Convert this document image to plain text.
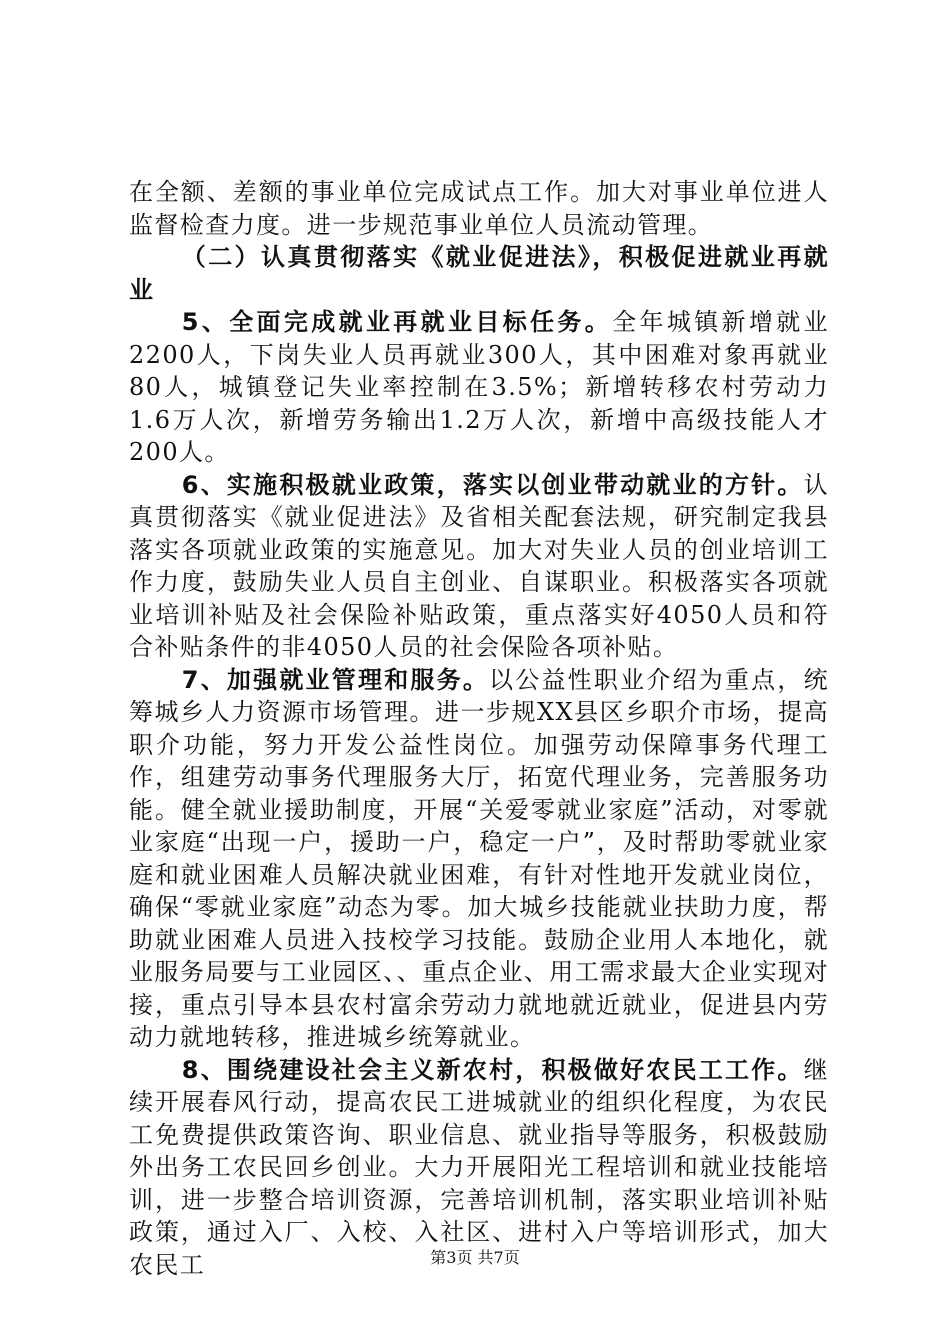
在全额、差额的事业单位完成试点工作。加大对事业单位进人监督检查力度。进一步规范事业单位人员流动管理。

（二）认真贯彻落实《就业促进法》，积极促进就业再就业

5、全面完成就业再就业目标任务。全年城镇新增就业2200人，下岗失业人员再就业300人，其中困难对象再就业80人，城镇登记失业率控制在3.5%；新增转移农村劳动力1.6万人次，新增劳务输出1.2万人次，新增中高级技能人才200人。

6、实施积极就业政策，落实以创业带动就业的方针。认真贯彻落实《就业促进法》及省相关配套法规，研究制定我县落实各项就业政策的实施意见。加大对失业人员的创业培训工作力度，鼓励失业人员自主创业、自谋职业。积极落实各项就业培训补贴及社会保险补贴政策，重点落实好4050人员和符合补贴条件的非4050人员的社会保险各项补贴。

7、加强就业管理和服务。以公益性职业介绍为重点，统筹城乡人力资源市场管理。进一步规XX县区乡职介市场，提高职介功能，努力开发公益性岗位。加强劳动保障事务代理工作，组建劳动事务代理服务大厅，拓宽代理业务，完善服务功能。健全就业援助制度，开展“关爱零就业家庭”活动，对零就业家庭“出现一户，援助一户，稳定一户”，及时帮助零就业家庭和就业困难人员解决就业困难，有针对性地开发就业岗位，确保“零就业家庭”动态为零。加大城乡技能就业扶助力度，帮助就业困难人员进入技校学习技能。鼓励企业用人本地化，就业服务局要与工业园区、、重点企业、用工需求最大企业实现对接，重点引导本县农村富余劳动力就地就近就业，促进县内劳动力就地转移，推进城乡统筹就业。

8、围绕建设社会主义新农村，积极做好农民工工作。继续开展春风行动，提高农民工进城就业的组织化程度，为农民工免费提供政策咨询、职业信息、就业指导等服务，积极鼓励外出务工农民回乡创业。大力开展阳光工程培训和就业技能培训，进一步整合培训资源，完善培训机制，落实职业培训补贴政策，通过入厂、入校、入社区、进村入户等培训形式，加大农民工	第3页 共7页
